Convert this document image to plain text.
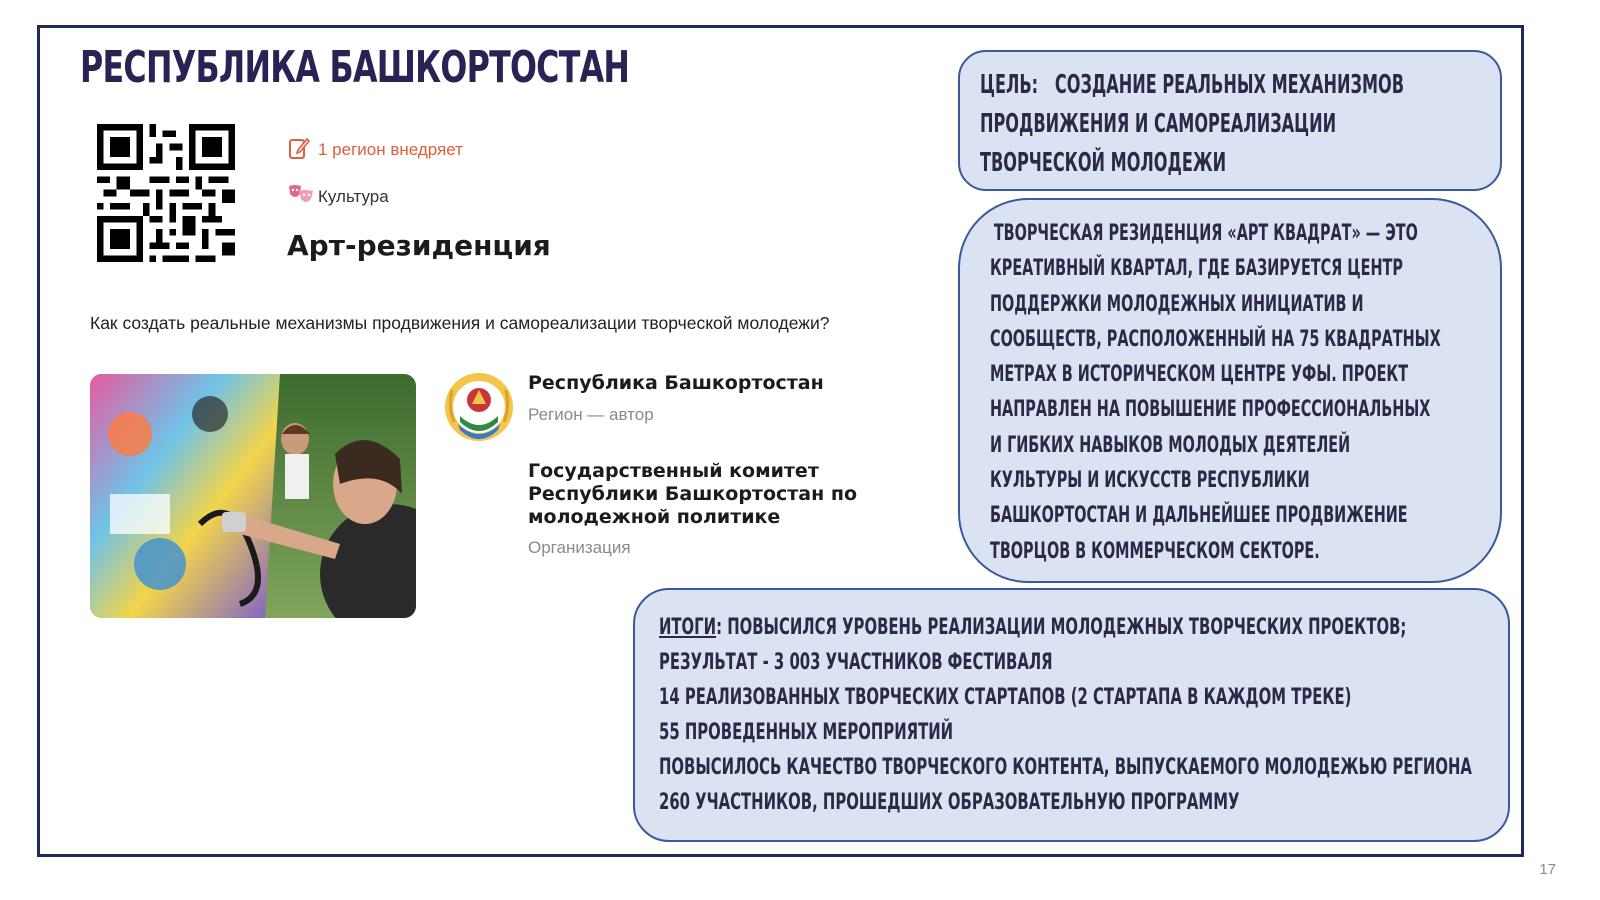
РЕСПУБЛИКА БАШКОРТОСТАН
1 регион внедряет
Культура
Арт-резиденция
Как создать реальные механизмы продвижения и самореализации творческой молодежи?
Республика Башкортостан
Регион — автор
Государственный комитет Республики Башкортостан по молодежной политике
Организация
ЦЕЛЬ: СОЗДАНИЕ РЕАЛЬНЫХ МЕХАНИЗМОВ
ПРОДВИЖЕНИЯ И САМОРЕАЛИЗАЦИИ
ТВОРЧЕСКОЙ МОЛОДЕЖИ
ТВОРЧЕСКАЯ РЕЗИДЕНЦИЯ «АРТ КВАДРАТ» — ЭТО
КРЕАТИВНЫЙ КВАРТАЛ, ГДЕ БАЗИРУЕТСЯ ЦЕНТР
ПОДДЕРЖКИ МОЛОДЕЖНЫХ ИНИЦИАТИВ И
СООБЩЕСТВ, РАСПОЛОЖЕННЫЙ НА 75 КВАДРАТНЫХ
МЕТРАХ В ИСТОРИЧЕСКОМ ЦЕНТРЕ УФЫ. ПРОЕКТ
НАПРАВЛЕН НА ПОВЫШЕНИЕ ПРОФЕССИОНАЛЬНЫХ
И ГИБКИХ НАВЫКОВ МОЛОДЫХ ДЕЯТЕЛЕЙ
КУЛЬТУРЫ И ИСКУССТВ РЕСПУБЛИКИ
БАШКОРТОСТАН И ДАЛЬНЕЙШЕЕ ПРОДВИЖЕНИЕ
ТВОРЦОВ В КОММЕРЧЕСКОМ СЕКТОРЕ.
ИТОГИ: ПОВЫСИЛСЯ УРОВЕНЬ РЕАЛИЗАЦИИ МОЛОДЕЖНЫХ ТВОРЧЕСКИХ ПРОЕКТОВ;
РЕЗУЛЬТАТ - 3 003 УЧАСТНИКОВ ФЕСТИВАЛЯ
14 РЕАЛИЗОВАННЫХ ТВОРЧЕСКИХ СТАРТАПОВ (2 СТАРТАПА В КАЖДОМ ТРЕКЕ)
55 ПРОВЕДЕННЫХ МЕРОПРИЯТИЙ
ПОВЫСИЛОСЬ КАЧЕСТВО ТВОРЧЕСКОГО КОНТЕНТА, ВЫПУСКАЕМОГО МОЛОДЕЖЬЮ РЕГИОНА
260 УЧАСТНИКОВ, ПРОШЕДШИХ ОБРАЗОВАТЕЛЬНУЮ ПРОГРАММУ
17
